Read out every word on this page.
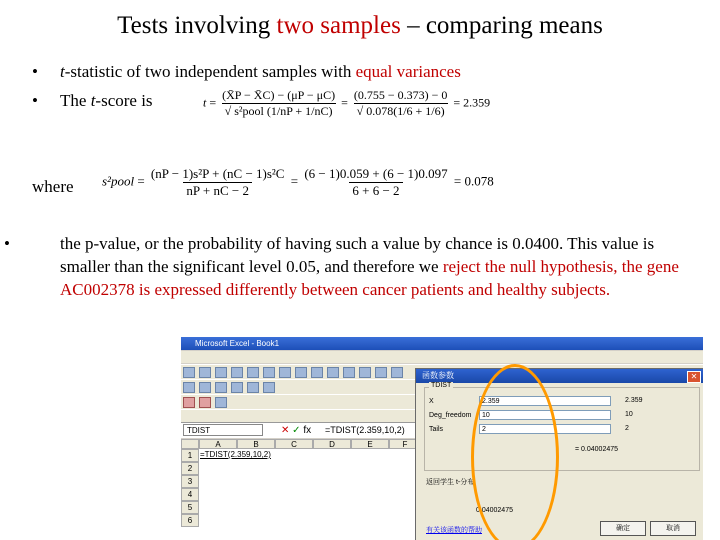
Tests involving two samples – comparing means
• t-statistic of two independent samples with equal variances
• The t-score is	$t = \frac{(X̄P - X̄C) - (\mu P - \mu C)}{\text{√ s²pool (1/nP + 1/nC)}} = \frac{(0.755 - 0.373) - 0}{√ 0.078(1/6 + 1/6)} = 2.359$
where s²pool = $\frac{\text{(nP − 1)s²P + (nC − 1)s²C}}{nP + nC - 2} = \frac{(6 - 1)0.059 + (6 - 1)0.097}{6 + 6 - 2} = 0.078$
•	the p-value, or the probability of having such a value by chance is 0.0400. This value is smaller than the significant level 0.05, and therefore we reject the null hypothesis, the gene AC002378 is expressed differently between cancer patients and healthy subjects.
Microsoft Excel - Book1
TDIST	✕ ✓ fx	=TDIST(2.359,10,2)
A	B	C	D	E	F
1
2
3
4
5
6
=TDIST(2.359,10,2)
函数参数	✕
TDIST
X	2.359	2.359
Deg_freedom	10	10
Tails	2	2
= 0.04002475
返回学生 t-分布
0.04002475
有关该函数的帮助	确定	取消
